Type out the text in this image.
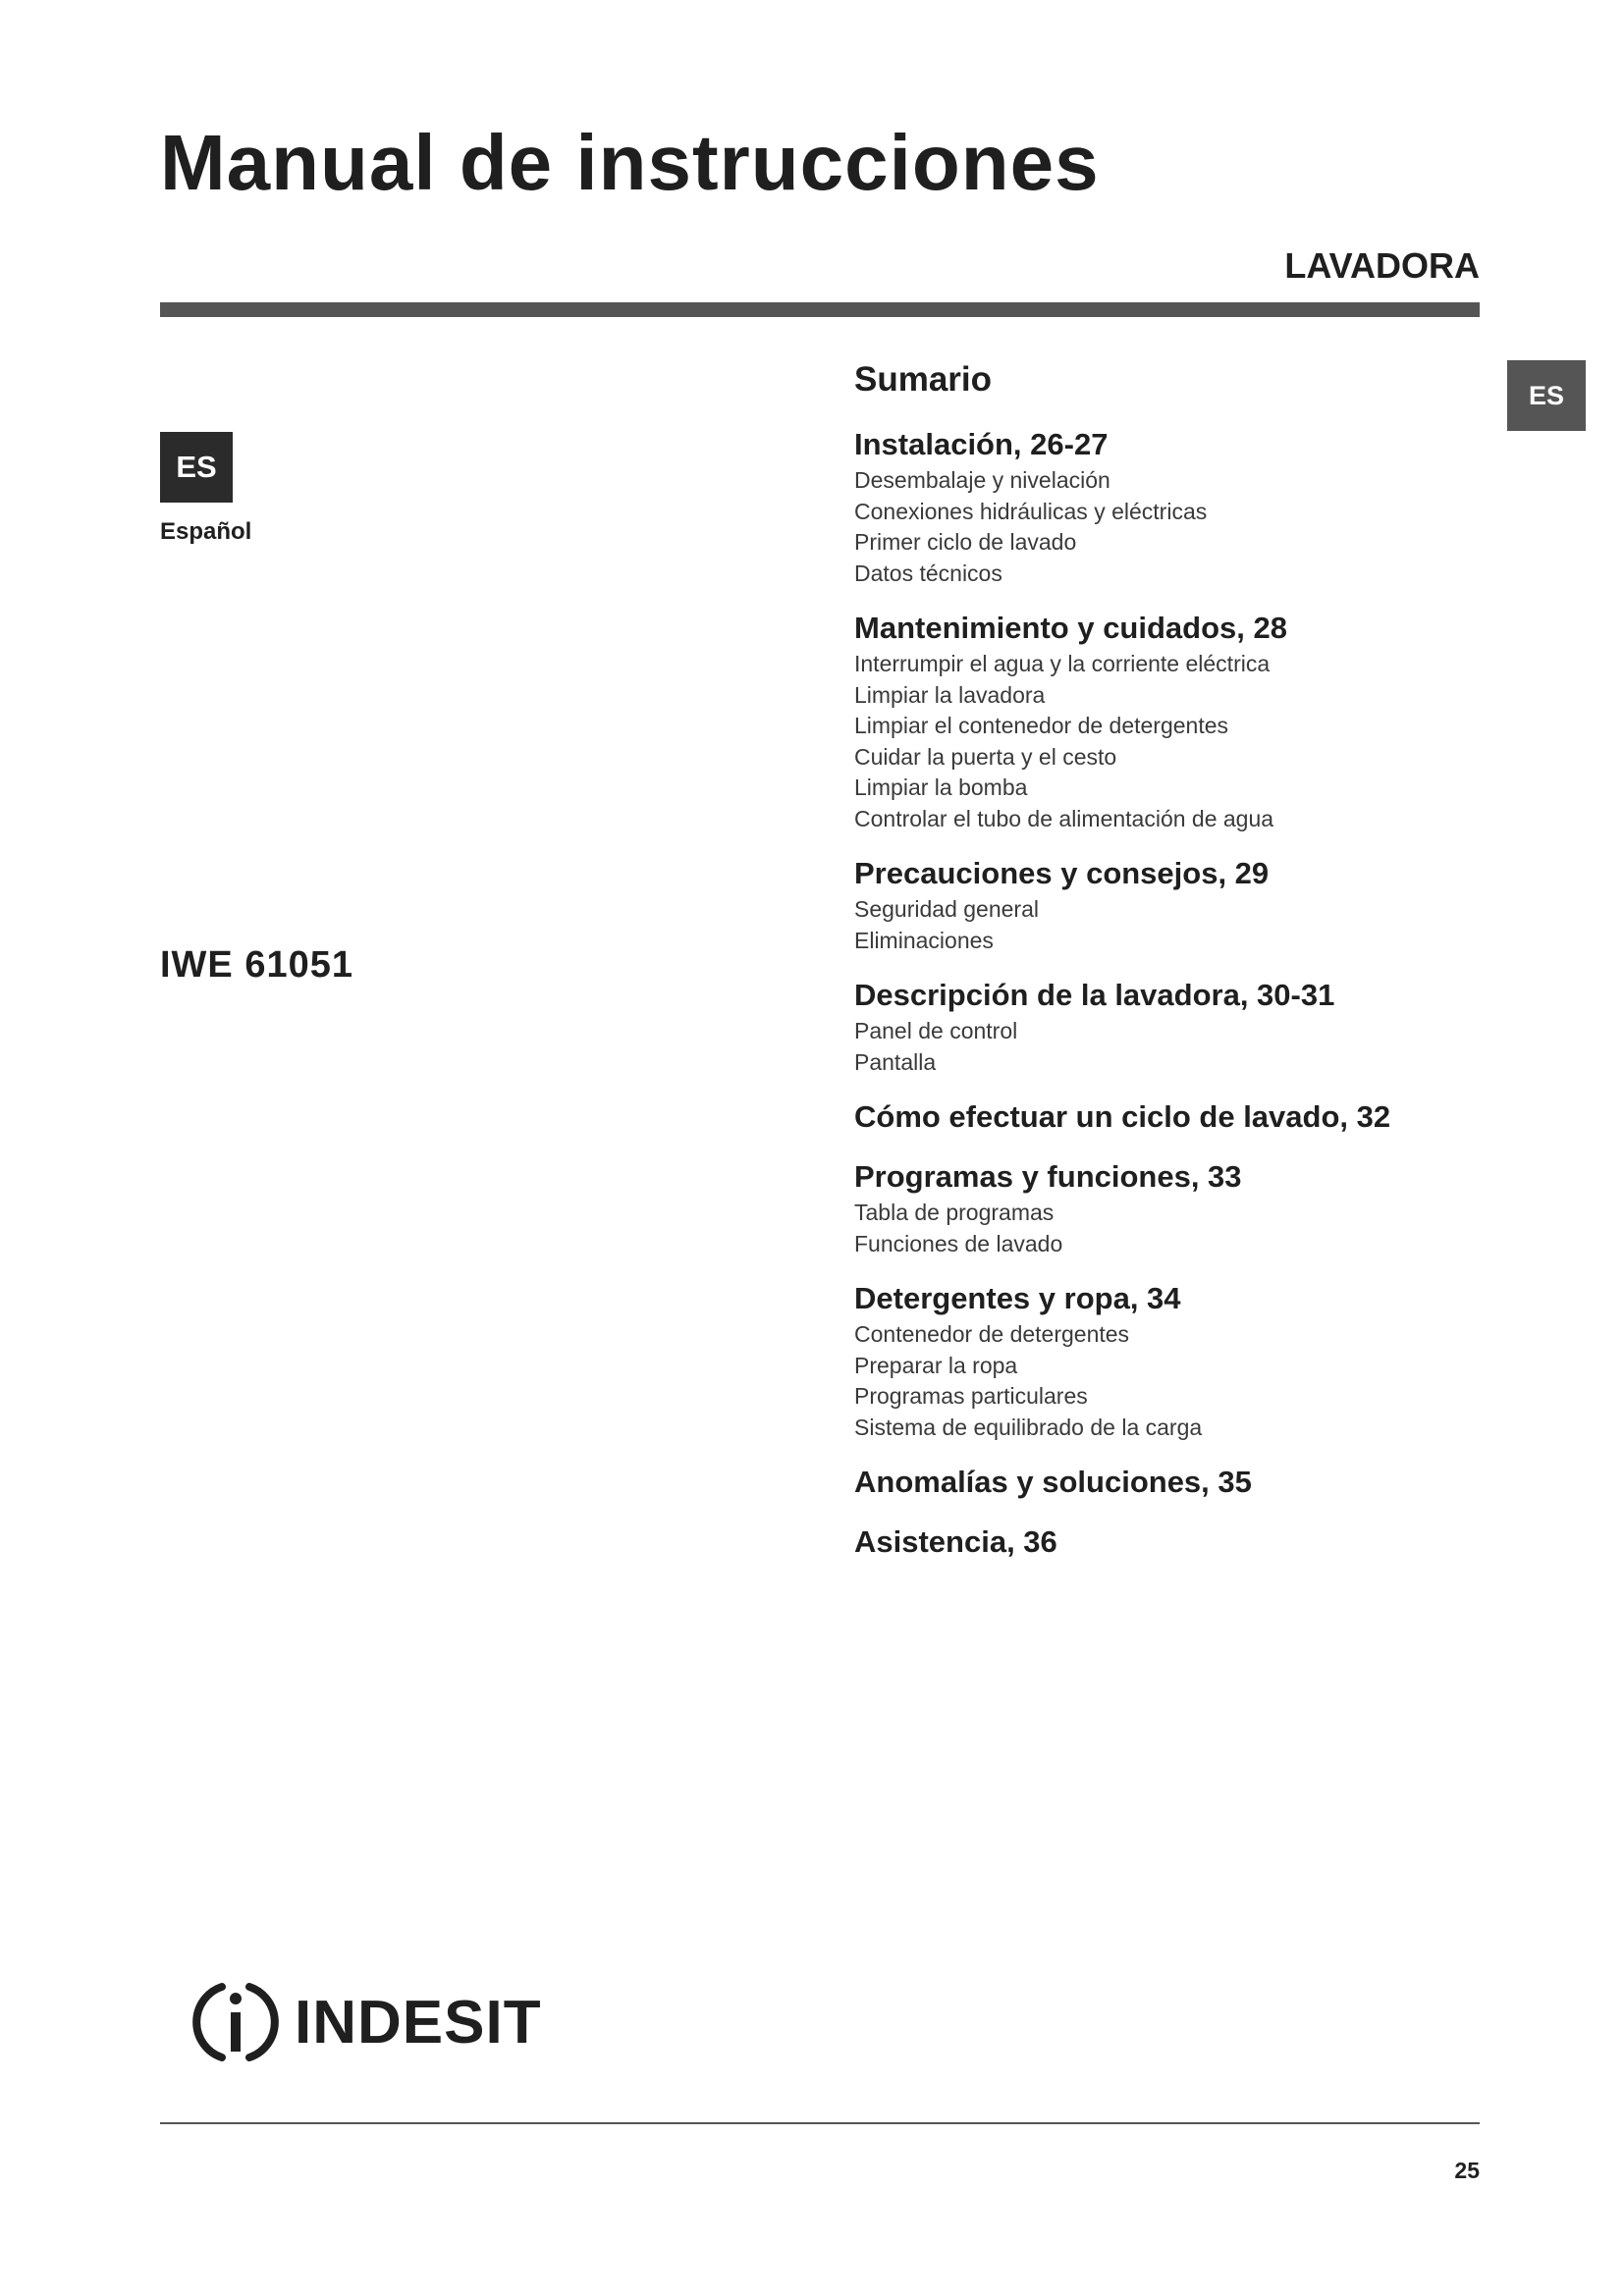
Manual de instrucciones
LAVADORA
ES
ES
Español
IWE 61051
Sumario
Instalación, 26-27
Desembalaje y nivelación
Conexiones hidráulicas y eléctricas
Primer ciclo de lavado
Datos técnicos
Mantenimiento y cuidados, 28
Interrumpir el agua y la corriente eléctrica
Limpiar la lavadora
Limpiar el contenedor de detergentes
Cuidar la puerta y el cesto
Limpiar la bomba
Controlar el tubo de alimentación de agua
Precauciones y consejos, 29
Seguridad general
Eliminaciones
Descripción de la lavadora, 30-31
Panel de control
Pantalla
Cómo efectuar un ciclo de lavado, 32
Programas y funciones, 33
Tabla de programas
Funciones de lavado
Detergentes y ropa, 34
Contenedor de detergentes
Preparar la ropa
Programas particulares
Sistema de equilibrado de la carga
Anomalías y soluciones, 35
Asistencia, 36
INDESIT
25
